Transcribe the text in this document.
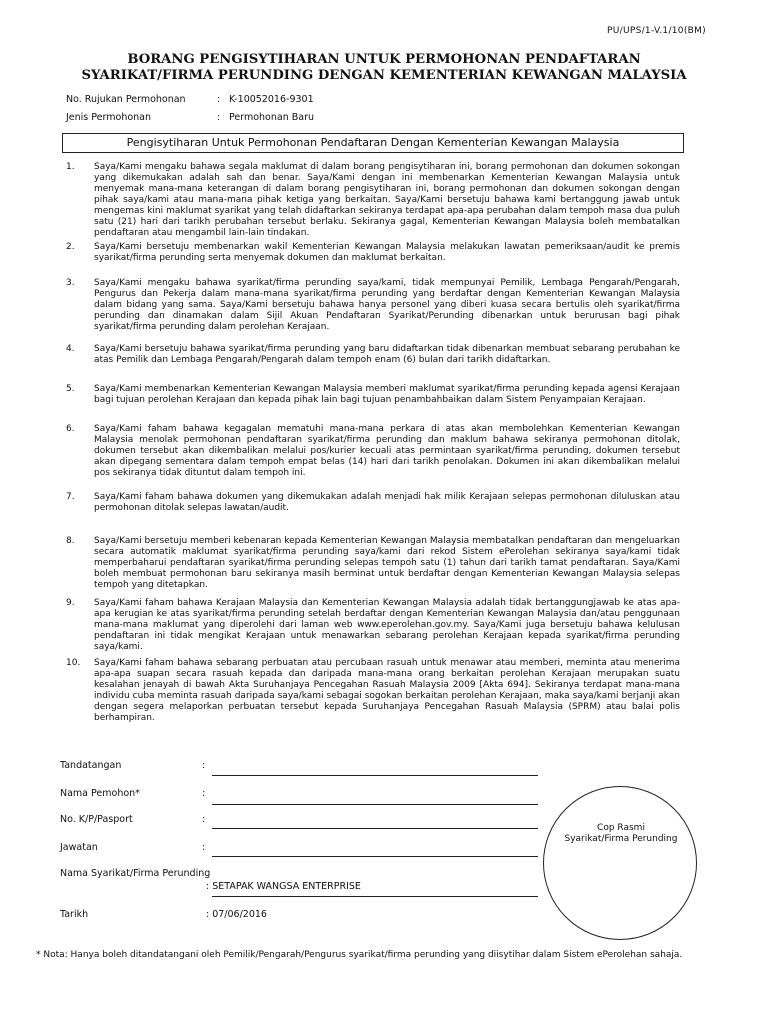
PU/UPS/1-V.1/10(BM)
BORANG PENGISYTIHARAN UNTUK PERMOHONAN PENDAFTARAN
SYARIKAT/FIRMA PERUNDING DENGAN KEMENTERIAN KEWANGAN MALAYSIA
No. Rujukan Permohonan	: K-10052016-9301
Jenis Permohonan	: Permohonan Baru
Pengisytiharan Untuk Permohonan Pendaftaran Dengan Kementerian Kewangan Malaysia
1. Saya/Kami mengaku bahawa segala maklumat di dalam borang pengisytiharan ini, borang permohonan dan dokumen sokongan yang dikemukakan adalah sah dan benar. Saya/Kami dengan ini membenarkan Kementerian Kewangan Malaysia untuk menyemak mana-mana keterangan di dalam borang pengisytiharan ini, borang permohonan dan dokumen sokongan dengan pihak saya/kami atau mana-mana pihak ketiga yang berkaitan. Saya/Kami bersetuju bahawa kami bertanggung jawab untuk mengemas kini maklumat syarikat yang telah didaftarkan sekiranya terdapat apa-apa perubahan dalam tempoh masa dua puluh satu (21) hari dari tarikh perubahan tersebut berlaku. Sekiranya gagal, Kementerian Kewangan Malaysia boleh membatalkan pendaftaran atau mengambil lain-lain tindakan.
2. Saya/Kami bersetuju membenarkan wakil Kementerian Kewangan Malaysia melakukan lawatan pemeriksaan/audit ke premis syarikat/firma perunding serta menyemak dokumen dan maklumat berkaitan.
3. Saya/Kami mengaku bahawa syarikat/firma perunding saya/kami, tidak mempunyai Pemilik, Lembaga Pengarah/Pengarah, Pengurus dan Pekerja dalam mana-mana syarikat/firma perunding yang berdaftar dengan Kementerian Kewangan Malaysia dalam bidang yang sama. Saya/Kami bersetuju bahawa hanya personel yang diberi kuasa secara bertulis oleh syarikat/firma perunding dan dinamakan dalam Sijil Akuan Pendaftaran Syarikat/Perunding dibenarkan untuk berurusan bagi pihak syarikat/firma perunding dalam perolehan Kerajaan.
4. Saya/Kami bersetuju bahawa syarikat/firma perunding yang baru didaftarkan tidak dibenarkan membuat sebarang perubahan ke atas Pemilik dan Lembaga Pengarah/Pengarah dalam tempoh enam (6) bulan dari tarikh didaftarkan.
5. Saya/Kami membenarkan Kementerian Kewangan Malaysia memberi maklumat syarikat/firma perunding kepada agensi Kerajaan bagi tujuan perolehan Kerajaan dan kepada pihak lain bagi tujuan penambahbaikan dalam Sistem Penyampaian Kerajaan.
6. Saya/Kami faham bahawa kegagalan mematuhi mana-mana perkara di atas akan membolehkan Kementerian Kewangan Malaysia menolak permohonan pendaftaran syarikat/firma perunding dan maklum bahawa sekiranya permohonan ditolak, dokumen tersebut akan dikembalikan melalui pos/kurier kecuali atas permintaan syarikat/firma perunding, dokumen tersebut akan dipegang sementara dalam tempoh empat belas (14) hari dari tarikh penolakan. Dokumen ini akan dikembalikan melalui pos sekiranya tidak dituntut dalam tempoh ini.
7. Saya/Kami faham bahawa dokumen yang dikemukakan adalah menjadi hak milik Kerajaan selepas permohonan diluluskan atau permohonan ditolak selepas lawatan/audit.
8. Saya/Kami bersetuju memberi kebenaran kepada Kementerian Kewangan Malaysia membatalkan pendaftaran dan mengeluarkan secara automatik maklumat syarikat/firma perunding saya/kami dari rekod Sistem ePerolehan sekiranya saya/kami tidak memperbaharui pendaftaran syarikat/firma perunding selepas tempoh satu (1) tahun dari tarikh tamat pendaftaran. Saya/Kami boleh membuat permohonan baru sekiranya masih berminat untuk berdaftar dengan Kementerian Kewangan Malaysia selepas tempoh yang ditetapkan.
9. Saya/Kami faham bahawa Kerajaan Malaysia dan Kementerian Kewangan Malaysia adalah tidak bertanggungjawab ke atas apa-apa kerugian ke atas syarikat/firma perunding setelah berdaftar dengan Kementerian Kewangan Malaysia dan/atau penggunaan mana-mana maklumat yang diperolehi dari laman web www.eperolehan.gov.my. Saya/Kami juga bersetuju bahawa kelulusan pendaftaran ini tidak mengikat Kerajaan untuk menawarkan sebarang perolehan Kerajaan kepada syarikat/firma perunding saya/kami.
10. Saya/Kami faham bahawa sebarang perbuatan atau percubaan rasuah untuk menawar atau memberi, meminta atau menerima apa-apa suapan secara rasuah kepada dan daripada mana-mana orang berkaitan perolehan Kerajaan merupakan suatu kesalahan jenayah di bawah Akta Suruhanjaya Pencegahan Rasuah Malaysia 2009 [Akta 694]. Sekiranya terdapat mana-mana individu cuba meminta rasuah daripada saya/kami sebagai sogokan berkaitan perolehan Kerajaan, maka saya/kami berjanji akan dengan segera melaporkan perbuatan tersebut kepada Suruhanjaya Pencegahan Rasuah Malaysia (SPRM) atau balai polis berhampiran.
Tandatangan	:
Nama Pemohon*	:
No. K/P/Pasport	:
Jawatan	:
Nama Syarikat/Firma Perunding
: SETAPAK WANGSA ENTERPRISE
Tarikh	: 07/06/2016
Cop Rasmi
Syarikat/Firma Perunding
* Nota: Hanya boleh ditandatangani oleh Pemilik/Pengarah/Pengurus syarikat/firma perunding yang diisytihar dalam Sistem ePerolehan sahaja.
